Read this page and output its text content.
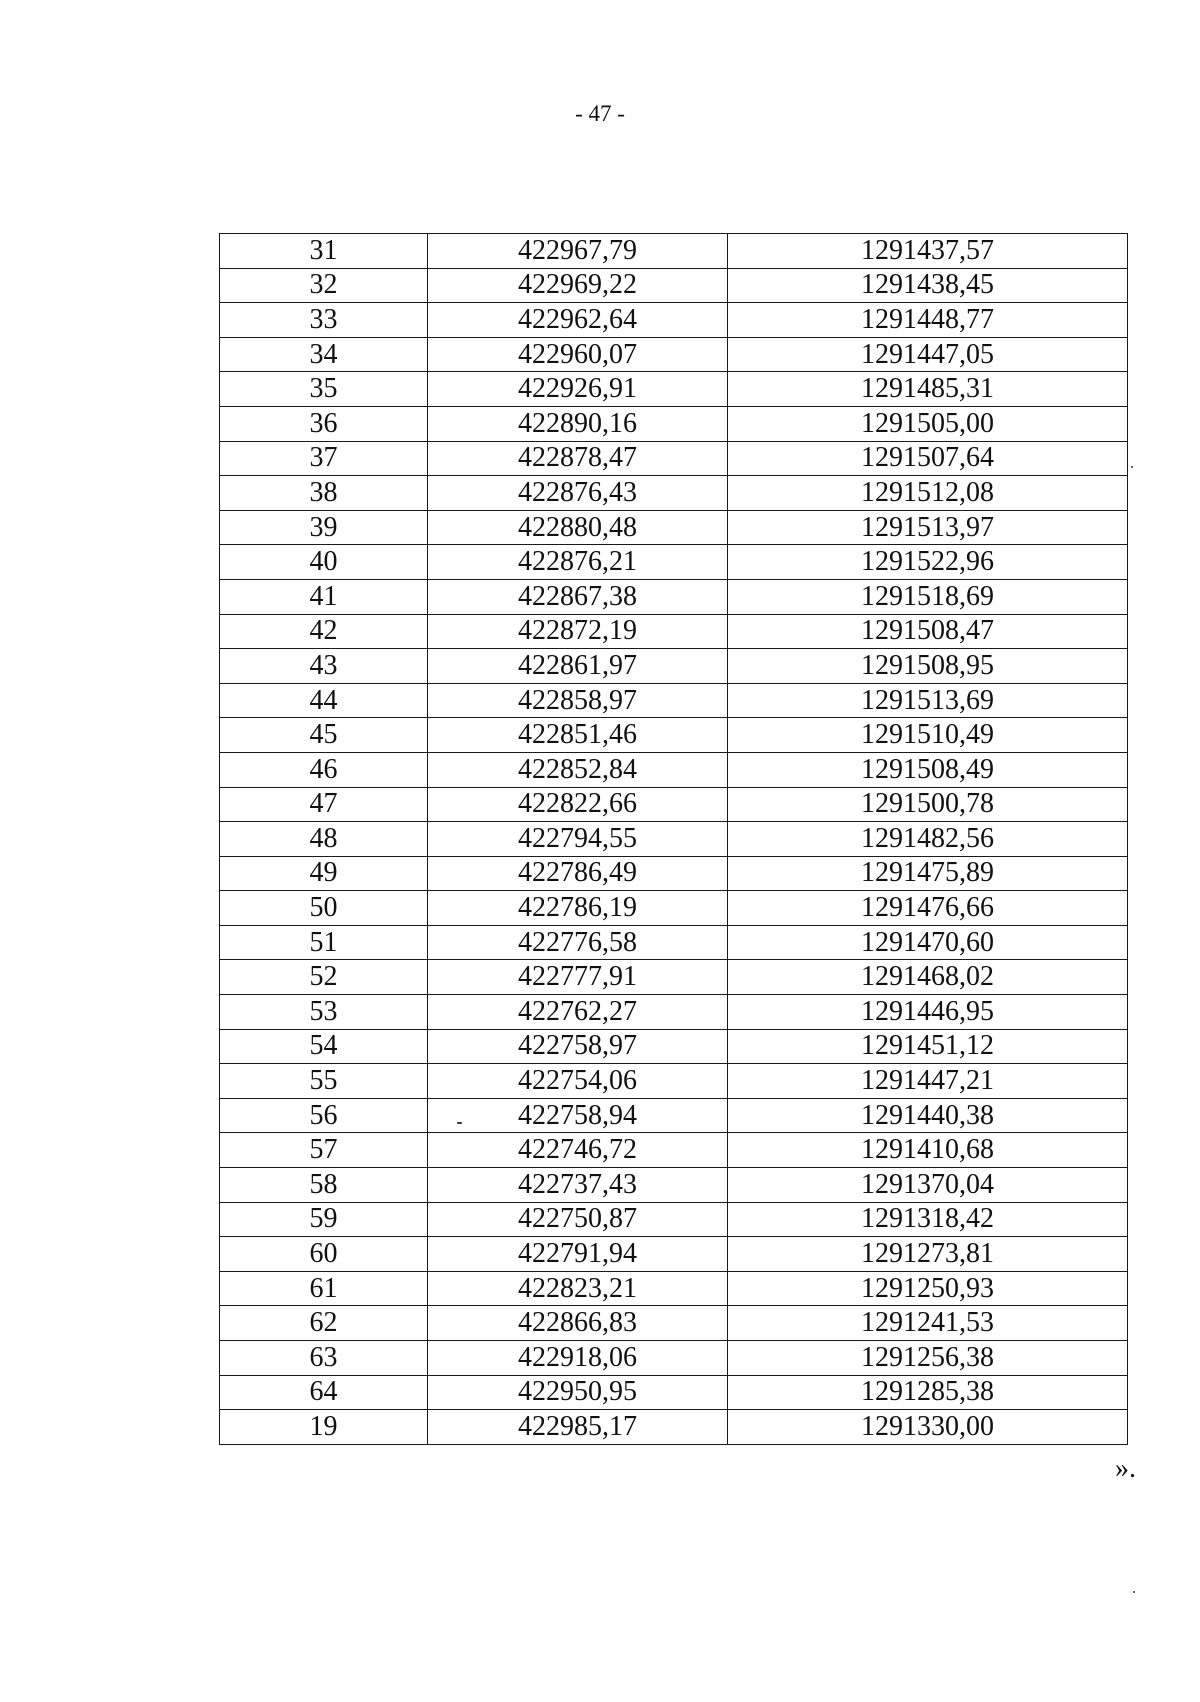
- 47 -
31	422967,79	1291437,57
32	422969,22	1291438,45
33	422962,64	1291448,77
34	422960,07	1291447,05
35	422926,91	1291485,31
36	422890,16	1291505,00
37	422878,47	1291507,64
38	422876,43	1291512,08
39	422880,48	1291513,97
40	422876,21	1291522,96
41	422867,38	1291518,69
42	422872,19	1291508,47
43	422861,97	1291508,95
44	422858,97	1291513,69
45	422851,46	1291510,49
46	422852,84	1291508,49
47	422822,66	1291500,78
48	422794,55	1291482,56
49	422786,49	1291475,89
50	422786,19	1291476,66
51	422776,58	1291470,60
52	422777,91	1291468,02
53	422762,27	1291446,95
54	422758,97	1291451,12
55	422754,06	1291447,21
56	422758,94	1291440,38
57	422746,72	1291410,68
58	422737,43	1291370,04
59	422750,87	1291318,42
60	422791,94	1291273,81
61	422823,21	1291250,93
62	422866,83	1291241,53
63	422918,06	1291256,38
64	422950,95	1291285,38
19	422985,17	1291330,00
».
